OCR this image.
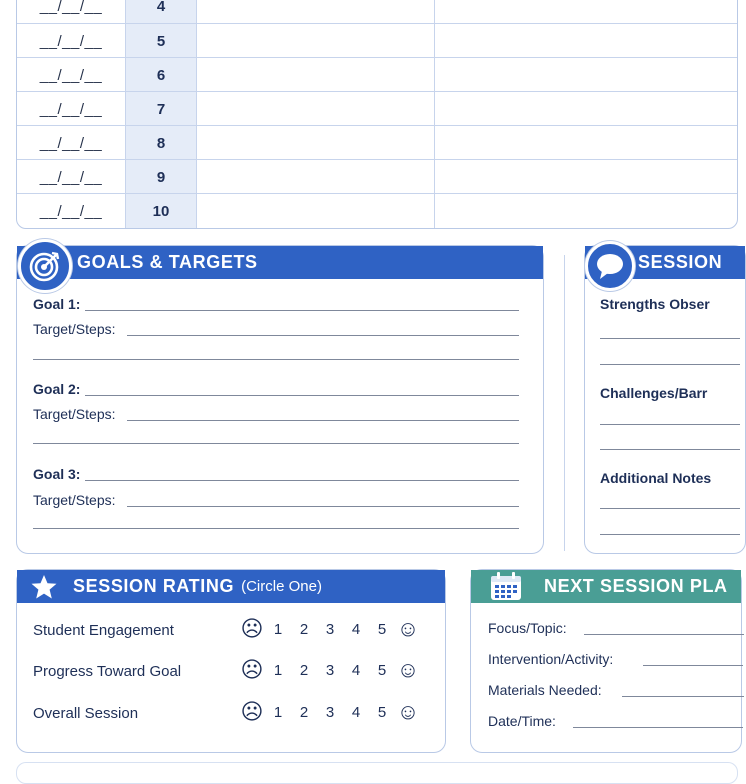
__/__/__	4
__/__/__	5
__/__/__	6
__/__/__	7
__/__/__	8
__/__/__	9
__/__/__	10
GOALS & TARGETS
Goal 1:
Target/Steps:
Goal 2:
Target/Steps:
Goal 3:
Target/Steps:
SESSION
Strengths Obser
Challenges/Barr
Additional Notes
SESSION RATING (Circle One)
Student Engagement	☹ 1	2	3	4	5 ☺
Progress Toward Goal	☹ 1	2	3	4	5 ☺
Overall Session	☹ 1	2	3	4	5 ☺
NEXT SESSION PLA
Focus/Topic:
Intervention/Activity:
Materials Needed:
Date/Time:
